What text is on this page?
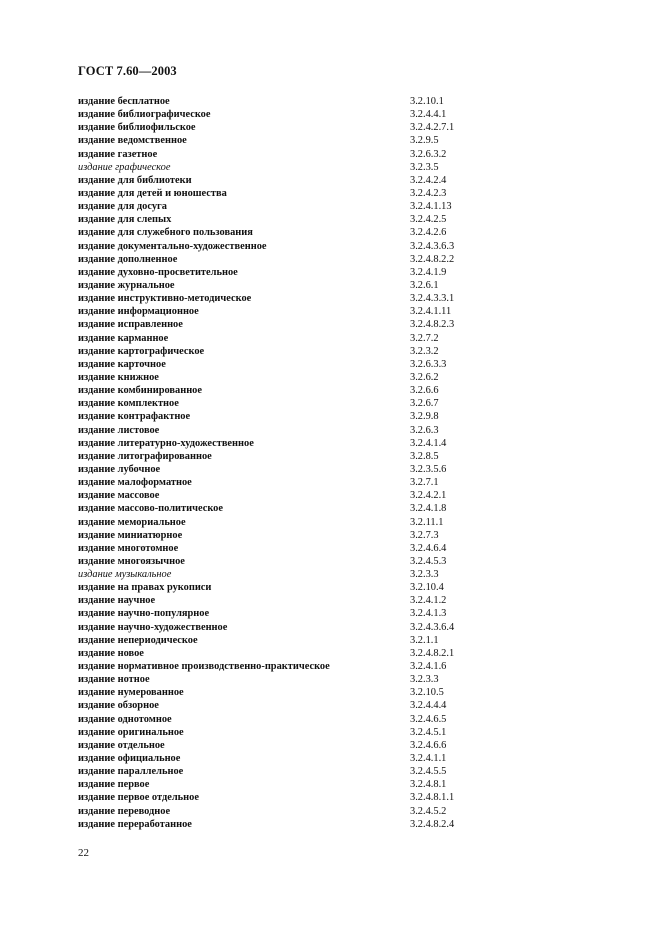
ГОСТ 7.60—2003
издание бесплатное	3.2.10.1
издание библиографическое	3.2.4.4.1
издание библиофильское	3.2.4.2.7.1
издание ведомственное	3.2.9.5
издание газетное	3.2.6.3.2
издание графическое	3.2.3.5
издание для библиотеки	3.2.4.2.4
издание для детей и юношества	3.2.4.2.3
издание для досуга	3.2.4.1.13
издание для слепых	3.2.4.2.5
издание для служебного пользования	3.2.4.2.6
издание документально-художественное	3.2.4.3.6.3
издание дополненное	3.2.4.8.2.2
издание духовно-просветительное	3.2.4.1.9
издание журнальное	3.2.6.1
издание инструктивно-методическое	3.2.4.3.3.1
издание информационное	3.2.4.1.11
издание исправленное	3.2.4.8.2.3
издание карманное	3.2.7.2
издание картографическое	3.2.3.2
издание карточное	3.2.6.3.3
издание книжное	3.2.6.2
издание комбинированное	3.2.6.6
издание комплектное	3.2.6.7
издание контрафактное	3.2.9.8
издание листовое	3.2.6.3
издание литературно-художественное	3.2.4.1.4
издание литографированное	3.2.8.5
издание лубочное	3.2.3.5.6
издание малоформатное	3.2.7.1
издание массовое	3.2.4.2.1
издание массово-политическое	3.2.4.1.8
издание мемориальное	3.2.11.1
издание миниатюрное	3.2.7.3
издание многотомное	3.2.4.6.4
издание многоязычное	3.2.4.5.3
издание музыкальное	3.2.3.3
издание на правах рукописи	3.2.10.4
издание научное	3.2.4.1.2
издание научно-популярное	3.2.4.1.3
издание научно-художественное	3.2.4.3.6.4
издание непериодическое	3.2.1.1
издание новое	3.2.4.8.2.1
издание нормативное производственно-практическое	3.2.4.1.6
издание нотное	3.2.3.3
издание нумерованное	3.2.10.5
издание обзорное	3.2.4.4.4
издание однотомное	3.2.4.6.5
издание оригинальное	3.2.4.5.1
издание отдельное	3.2.4.6.6
издание официальное	3.2.4.1.1
издание параллельное	3.2.4.5.5
издание первое	3.2.4.8.1
издание первое отдельное	3.2.4.8.1.1
издание переводное	3.2.4.5.2
издание переработанное	3.2.4.8.2.4
22
